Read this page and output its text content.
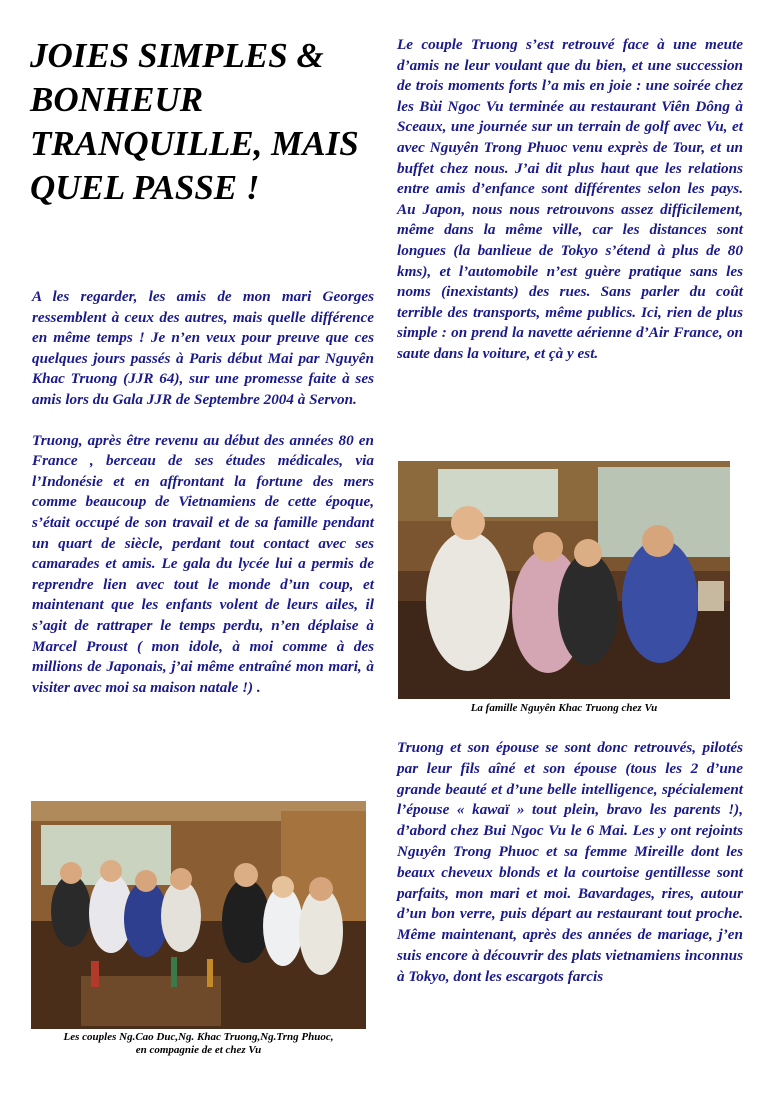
JOIES SIMPLES & BONHEUR TRANQUILLE, MAIS QUEL PASSE !

A les regarder, les amis de mon mari Georges ressemblent à ceux des autres, mais quelle différence en même temps ! Je n’en veux pour preuve que ces quelques jours passés à Paris début Mai par Nguyên Khac Truong (JJR 64), sur une promesse faite à ses amis lors du Gala JJR de Septembre 2004 à Servon.

Truong, après être revenu au début des années 80 en France , berceau de ses études médicales, via l’Indonésie et en affrontant la fortune des mers comme beaucoup de Vietnamiens de cette époque, s’était occupé de son travail et de sa famille pendant un quart de siècle, perdant tout contact avec ses camarades et amis. Le gala du lycée lui a permis de reprendre lien avec tout le monde d’un coup, et maintenant que les enfants volent de leurs ailes, il s’agit de rattraper le temps perdu, n’en déplaise à Marcel Proust ( mon idole, à moi comme à des millions de Japonais, j’ai même entraîné mon mari, à visiter avec moi sa maison natale !) .

Le couple Truong s’est retrouvé face à une meute d’amis ne leur voulant que du bien, et une succession de trois moments forts l’a mis en joie : une soirée chez les Bùi Ngoc Vu terminée au restaurant Viên Dông à Sceaux, une journée sur un terrain de golf avec Vu, et avec Nguyên Trong Phuoc venu exprès de Tour, et un buffet chez nous. J’ai dit plus haut que les relations entre amis d’enfance sont différentes selon les pays. Au Japon, nous nous retrouvons assez difficilement, même dans la même ville, car les distances sont longues (la banlieue de Tokyo s’étend à plus de 80 kms), et l’automobile n’est guère pratique sans les noms (inexistants) des rues. Sans parler du coût terrible des transports, même publics. Ici, rien de plus simple : on prend la navette aérienne d’Air France, on saute dans la voiture, et çà y est.

La famille Nguyên Khac Truong chez Vu

Truong et son épouse se sont donc retrouvés, pilotés par leur fils aîné et son épouse (tous les 2 d’une grande beauté et d’une belle intelligence, spécialement l’épouse « kawaï » tout plein, bravo les parents !), d’abord chez Bui Ngoc Vu le 6 Mai. Les y ont rejoints Nguyên Trong Phuoc et sa femme Mireille dont les beaux cheveux blonds et la courtoise gentillesse sont parfaits, mon mari et moi. Bavardages, rires, autour d’un bon verre, puis départ au restaurant tout proche. Même maintenant, après des années de mariage, j’en suis encore à découvrir des plats vietnamiens inconnus à Tokyo, dont les escargots farcis

Les couples Ng.Cao Duc,Ng. Khac Truong,Ng.Trng Phuoc,
en compagnie de et chez Vu
